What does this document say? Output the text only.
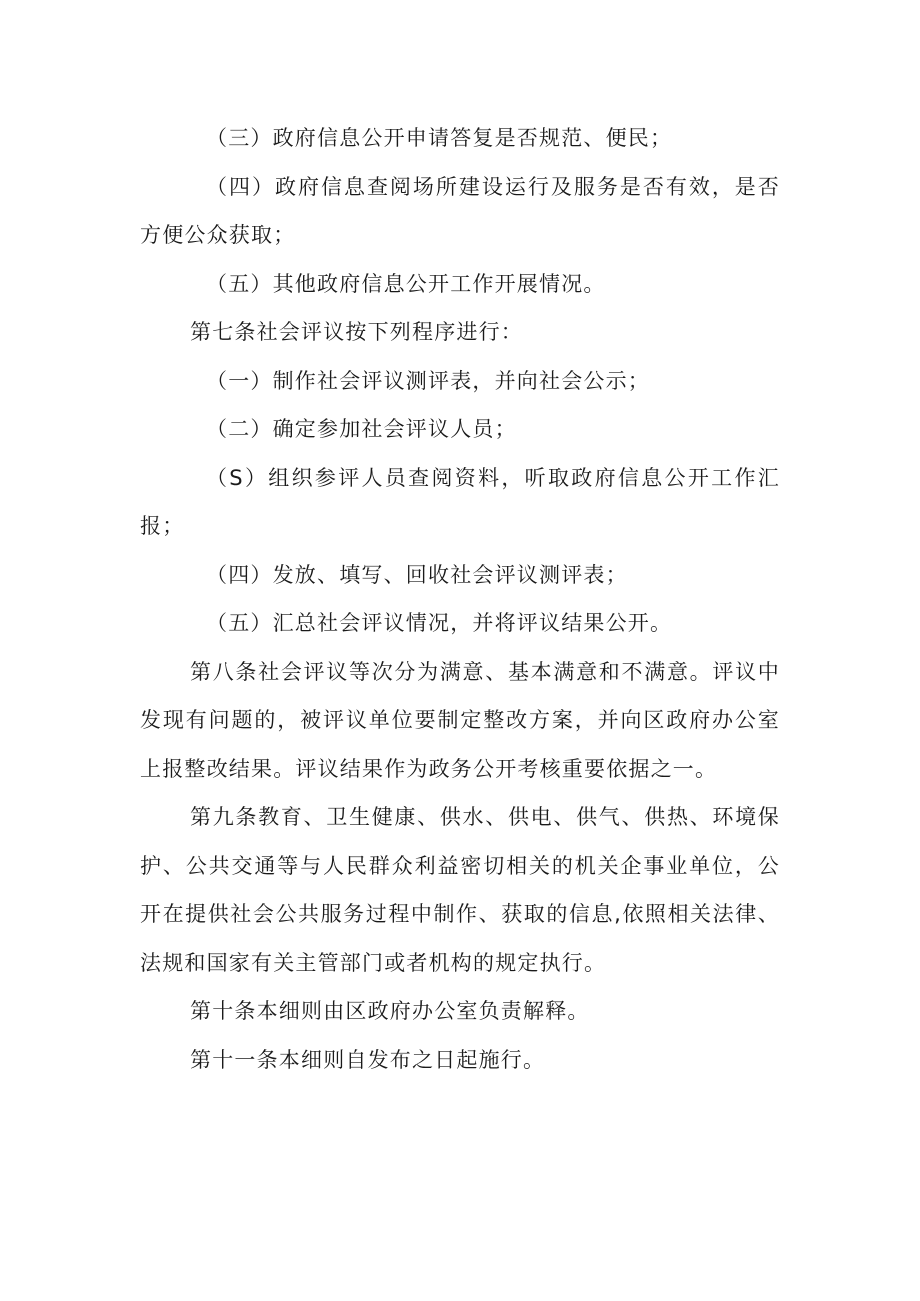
（三）政府信息公开申请答复是否规范、便民；

（四）政府信息查阅场所建设运行及服务是否有效，是否方便公众获取；

（五）其他政府信息公开工作开展情况。

第七条社会评议按下列程序进行：

（一）制作社会评议测评表，并向社会公示；

（二）确定参加社会评议人员；

（S）组织参评人员查阅资料，听取政府信息公开工作汇报；

（四）发放、填写、回收社会评议测评表；

（五）汇总社会评议情况，并将评议结果公开。

第八条社会评议等次分为满意、基本满意和不满意。评议中发现有问题的，被评议单位要制定整改方案，并向区政府办公室上报整改结果。评议结果作为政务公开考核重要依据之一。

第九条教育、卫生健康、供水、供电、供气、供热、环境保护、公共交通等与人民群众利益密切相关的机关企事业单位，公开在提供社会公共服务过程中制作、获取的信息,依照相关法律、法规和国家有关主管部门或者机构的规定执行。

第十条本细则由区政府办公室负责解释。

第十一条本细则自发布之日起施行。
